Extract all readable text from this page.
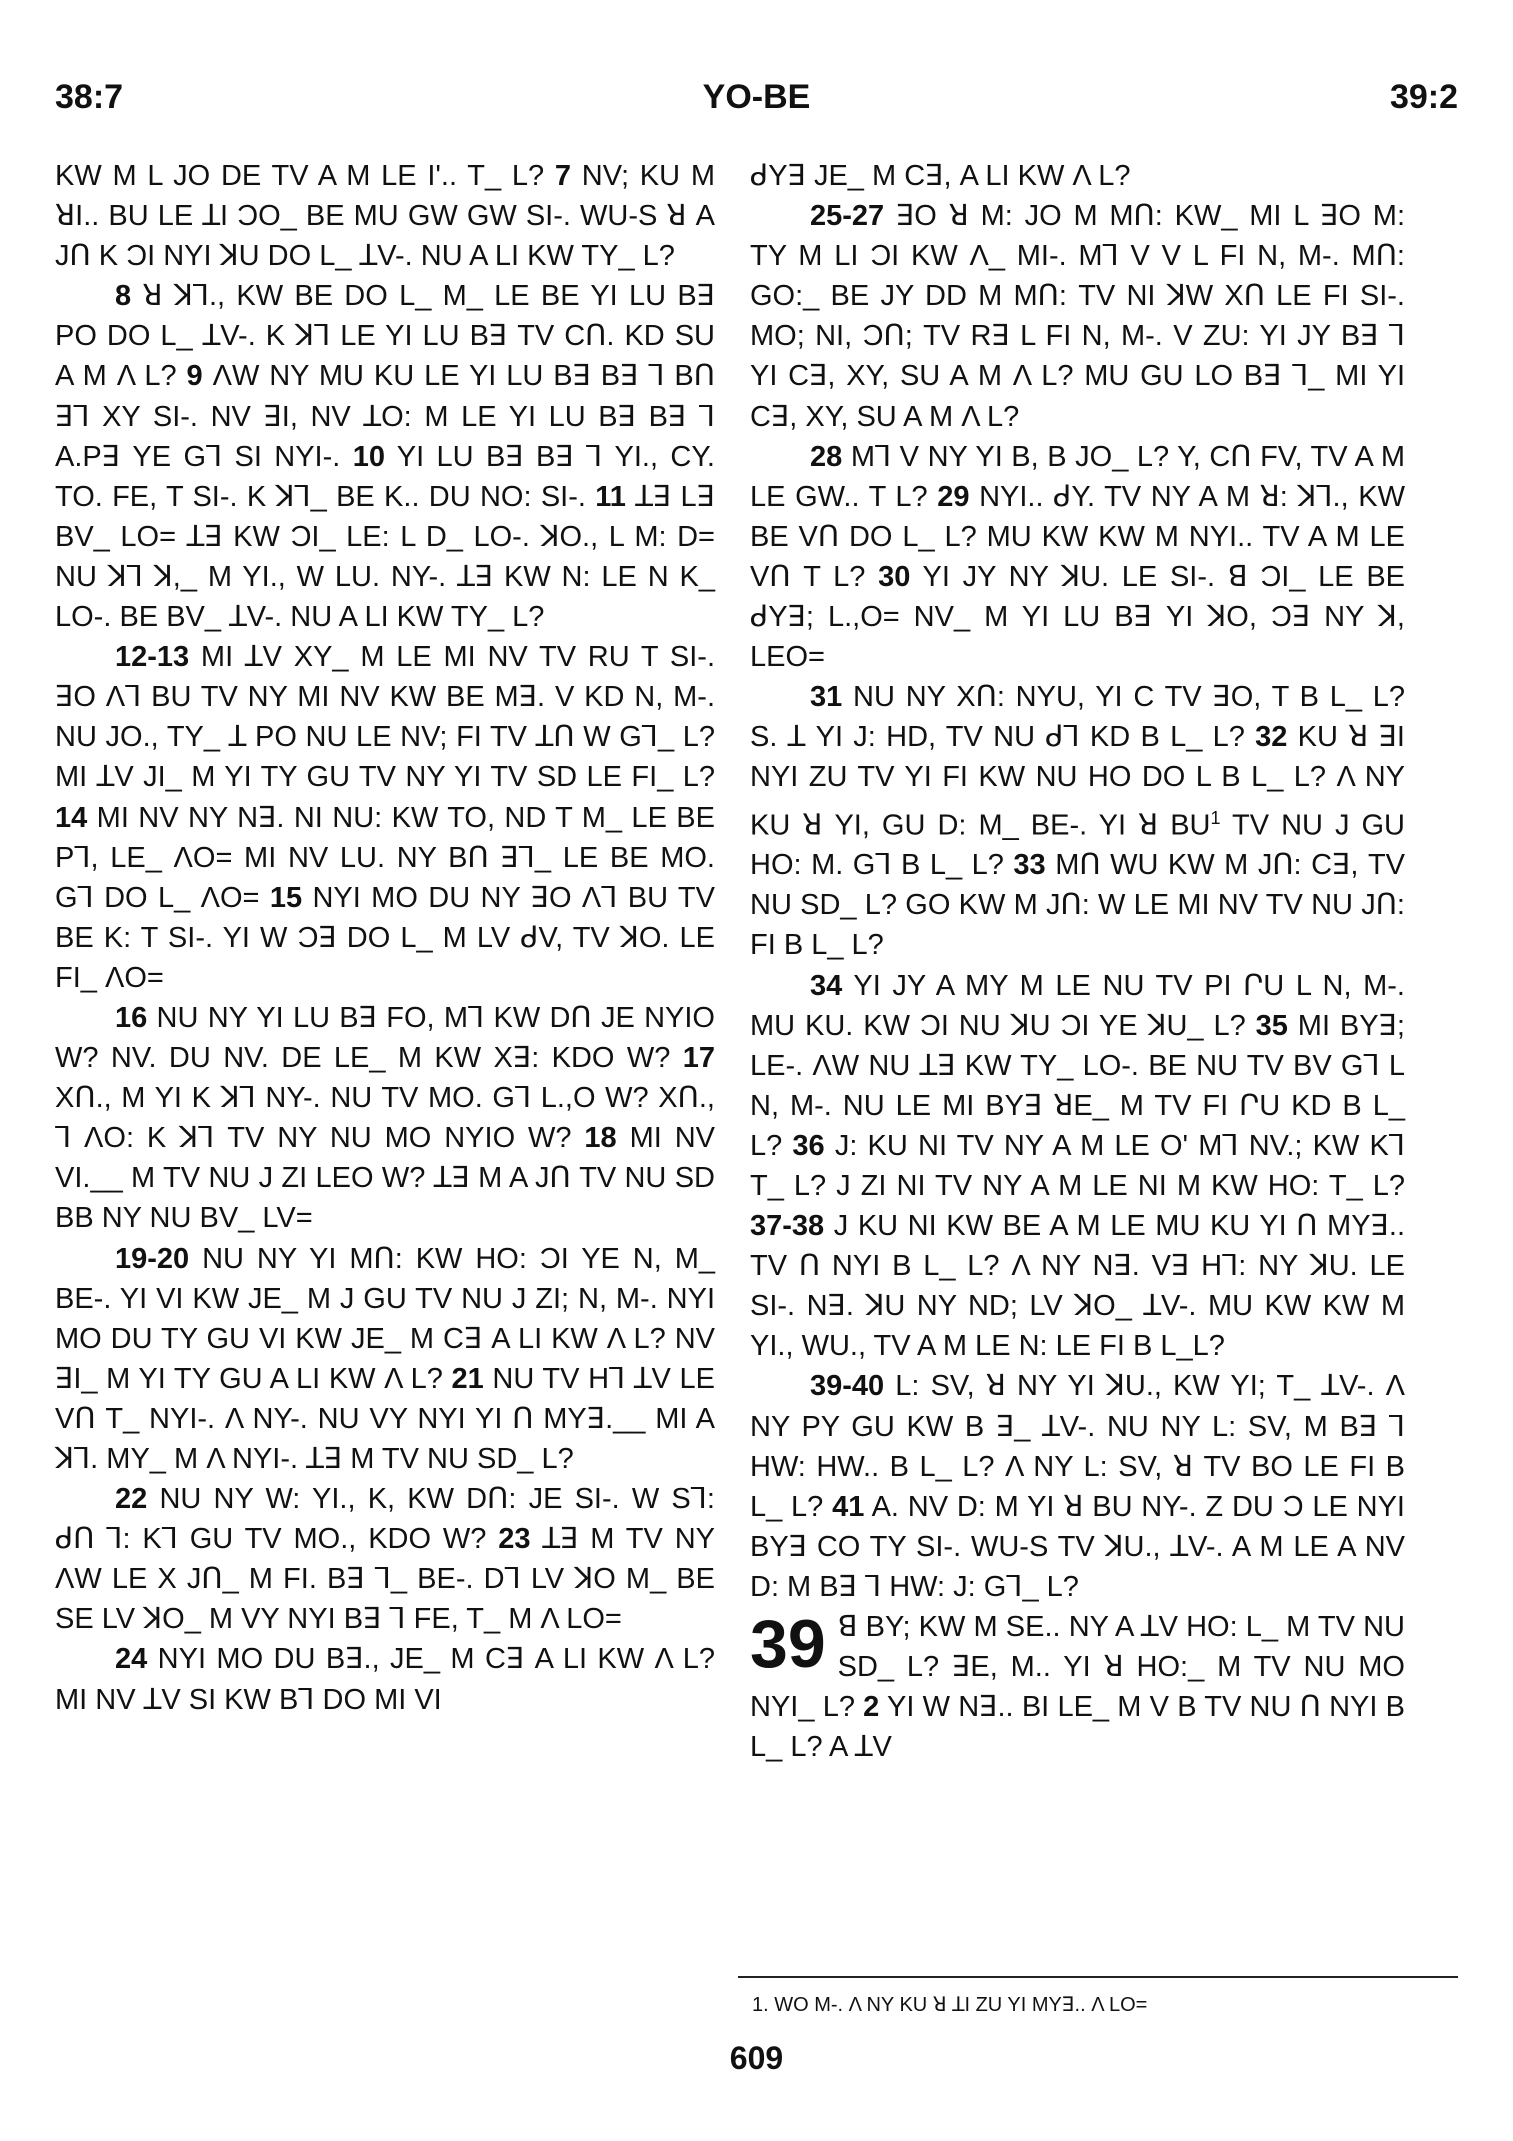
38:7	YO-BE	39:2

KW M L JO DE TV A M LE I'.. T_ L? 7 NV; KU M ꓤI.. BU LE ꓕI ƆO_ BE MU GW GW SI-. WU-S ꓤ A JՈ K ƆI NYI ꓘU DO L_ ꓕV-. NU A LI KW TY_ L?

8 ꓤ ꓘꓶ., KW BE DO L_ M_ LE BE YI LU Bꓱ PO DO L_ ꓕV-. K ꓘꓶ LE YI LU Bꓱ TV CՈ. KD SU A M Λ L? 9 ΛW NY MU KU LE YI LU Bꓱ Bꓱ ꓶ BՈ ꓱꓶ XY SI-. NV ꓱI, NV ꓕO: M LE YI LU Bꓱ Bꓱ ꓶ A.Pꓱ YE Gꓶ SI NYI-. 10 YI LU Bꓱ Bꓱ ꓶ YI., CY. TO. FE, T SI-. K ꓘꓶ_ BE K.. DU NO: SI-. 11 ꓕꓱ Lꓱ BV_ LO= ꓕꓱ KW ƆI_ LE: L D_ LO-. ꓘO., L M: D= NU ꓘꓶ ꓘ,_ M YI., W LU. NY-. ꓕꓱ KW N: LE N K_ LO-. BE BV_ ꓕV-. NU A LI KW TY_ L?

12-13 MI ꓕV XY_ M LE MI NV TV RU T SI-. ꓱO Λꓶ BU TV NY MI NV KW BE Mꓱ. V KD N, M-. NU JO., TY_ ꓕ PO NU LE NV; FI TV ꓕՈ W Gꓶ_ L? MI ꓕV JI_ M YI TY GU TV NY YI TV SD LE FI_ L? 14 MI NV NY Nꓱ. NI NU: KW TO, ND T M_ LE BE Pꓶ, LE_ ΛO= MI NV LU. NY BՈ ꓱꓶ_ LE BE MO. Gꓶ DO L_ ΛO= 15 NYI MO DU NY ꓱO Λꓶ BU TV BE K: T SI-. YI W Ɔꓱ DO L_ M LV ᑯV, TV ꓘO. LE FI_ ΛO=

16 NU NY YI LU Bꓱ FO, Mꓶ KW DՈ JE NYIO W? NV. DU NV. DE LE_ M KW Xꓱ: KDO W? 17 XՈ., M YI K ꓘꓶ NY-. NU TV MO. Gꓶ L.,O W? XՈ., ꓶ ΛO: K ꓘꓶ TV NY NU MO NYIO W? 18 MI NV VI.__ M TV NU J ZI LEO W? ꓕꓱ M A JՈ TV NU SD BB NY NU BV_ LV=

19-20 NU NY YI MՈ: KW HO: ƆI YE N, M_ BE-. YI VI KW JE_ M J GU TV NU J ZI; N, M-. NYI MO DU TY GU VI KW JE_ M Cꓱ A LI KW Λ L? NV ꓱI_ M YI TY GU A LI KW Λ L? 21 NU TV Hꓶ ꓕV LE VՈ T_ NYI-. Λ NY-. NU VY NYI YI Ո MYꓱ.__ MI A ꓘꓶ. MY_ M Λ NYI-. ꓕꓱ M TV NU SD_ L?

22 NU NY W: YI., K, KW DՈ: JE SI-. W Sꓶ: ᑯՈ ꓶ: Kꓶ GU TV MO., KDO W? 23 ꓕꓱ M TV NY ΛW LE X JՈ_ M FI. Bꓱ ꓶ_ BE-. Dꓶ LV ꓘO M_ BE SE LV ꓘO_ M VY NYI Bꓱ ꓶ FE, T_ M Λ LO=

24 NYI MO DU Bꓱ., JE_ M Cꓱ A LI KW Λ L? MI NV ꓕV SI KW Bꓶ DO MI VI

ᑯYꓱ JE_ M Cꓱ, A LI KW Λ L?

25-27 ꓱO ꓤ M: JO M MՈ: KW_ MI L ꓱO M: TY M LI ƆI KW Λ_ MI-. Mꓶ V V L FI N, M-. MՈ: GO:_ BE JY DD M MՈ: TV NI ꓘW XՈ LE FI SI-. MO; NI, ƆՈ; TV Rꓱ L FI N, M-. V ZU: YI JY Bꓱ ꓶ YI Cꓱ, XY, SU A M Λ L? MU GU LO Bꓱ ꓶ_ MI YI Cꓱ, XY, SU A M Λ L?

28 Mꓶ V NY YI B, B JO_ L? Y, CՈ FV, TV A M LE GW.. T L? 29 NYI.. ᑯY. TV NY A M ꓤ: ꓘꓶ., KW BE VՈ DO L_ L? MU KW KW M NYI.. TV A M LE VՈ T L? 30 YI JY NY ꓘU. LE SI-. ꓭ ƆI_ LE BE ᑯYꓱ; L.,O= NV_ M YI LU Bꓱ YI ꓘO, Ɔꓱ NY ꓘ, LEO=

31 NU NY XՈ: NYU, YI C TV ꓱO, T B L_ L? S. ꓕ YI J: HD, TV NU ᑯꓶ KD B L_ L? 32 KU ꓤ ꓱI NYI ZU TV YI FI KW NU HO DO L B L_ L? Λ NY KU ꓤ YI, GU D: M_ BE-. YI ꓤ $BU^1$ TV NU J GU HO: M. Gꓶ B L_ L? 33 MՈ WU KW M JՈ: Cꓱ, TV NU SD_ L? GO KW M JՈ: W LE MI NV TV NU JՈ: FI B L_ L?

34 YI JY A MY M LE NU TV PI ՐU L N, M-. MU KU. KW ƆI NU ꓘU ƆI YE ꓘU_ L? 35 MI BYꓱ; LE-. ΛW NU ꓕꓱ KW TY_ LO-. BE NU TV BV Gꓶ L N, M-. NU LE MI BYꓱ ꓤE_ M TV FI ՐU KD B L_ L? 36 J: KU NI TV NY A M LE O' Mꓶ NV.; KW Kꓶ T_ L? J ZI NI TV NY A M LE NI M KW HO: T_ L? 37-38 J KU NI KW BE A M LE MU KU YI Ո MYꓱ.. TV Ո NYI B L_ L? Λ NY Nꓱ. Vꓱ Hꓶ: NY ꓘU. LE SI-. Nꓱ. ꓘU NY ND; LV ꓘO_ ꓕV-. MU KW KW M YI., WU., TV A M LE N: LE FI B L_L?

39-40 L: SV, ꓤ NY YI ꓘU., KW YI; T_ ꓕV-. Λ NY PY GU KW B ꓱ_ ꓕV-. NU NY L: SV, M Bꓱ ꓶ HW: HW.. B L_ L? Λ NY L: SV, ꓤ TV BO LE FI B L_ L? 41 A. NV D: M YI ꓤ BU NY-. Z DU Ɔ LE NYI BYꓱ CO TY SI-. WU-S TV ꓘU., ꓕV-. A M LE A NV D: M Bꓱ ꓶ HW: J: Gꓶ_ L?

39 ꓭ BY; KW M SE.. NY A ꓕV HO: L_ M TV NU SD_ L? ꓱE, M.. YI ꓤ HO:_ M TV NU MO NYI_ L? 2 YI W Nꓱ.. BI LE_ M V B TV NU Ո NYI B L_ L? A ꓕV

1. WO M-. Λ NY KU ꓤ ꓕI ZU YI MYꓱ.. Λ LO=
609
